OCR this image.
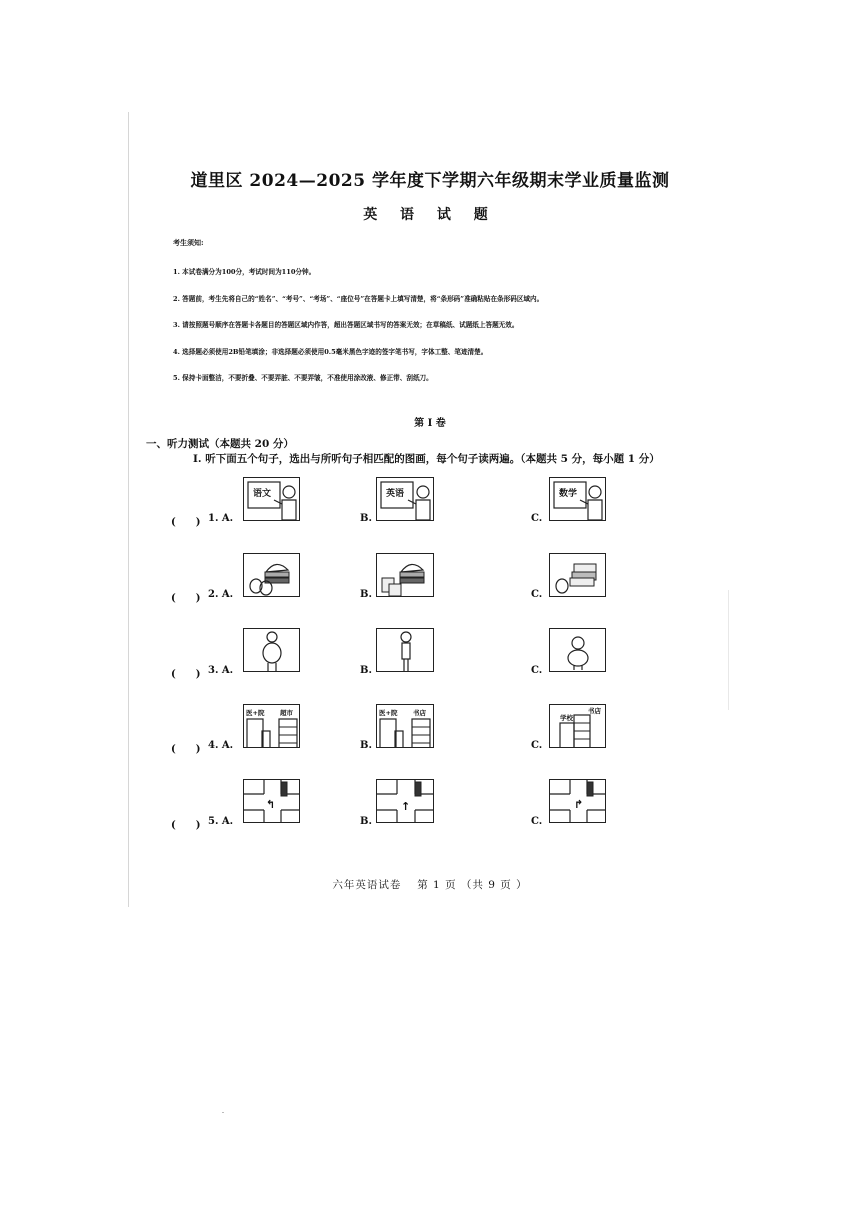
道里区 2024—2025 学年度下学期六年级期末学业质量监测
英 语 试 题
考生须知:
1. 本试卷满分为100分，考试时间为110分钟。
2. 答题前，考生先将自己的“姓名”、“考号”、“考场”、“座位号”在答题卡上填写清楚，将“条形码”准确粘贴在条形码区域内。
3. 请按照题号顺序在答题卡各题目的答题区域内作答，超出答题区域书写的答案无效；在草稿纸、试题纸上答题无效。
4. 选择题必须使用2B铅笔填涂；非选择题必须使用0.5毫米黑色字迹的签字笔书写，字体工整、笔迹清楚。
5. 保持卡面整洁，不要折叠、不要弄脏、不要弄皱，不准使用涂改液、修正带、刮纸刀。
第 I 卷
一、听力测试（本题共 20 分）
I. 听下面五个句子，选出与所听句子相匹配的图画，每个句子读两遍。（本题共 5 分，每小题 1 分）
(　　) 1. A.	B.	C.
语文	英语	数学
(　　) 2. A.	B.	C.
(　　) 3. A.	B.	C.
(　　) 4. A.	B.	C.
医+院 超市	医+院 书店
学校
书店
(　　) 5. A.	B.	C.
↰	↑	↱
六年英语试卷　 第 1 页 （共 9 页 ）
